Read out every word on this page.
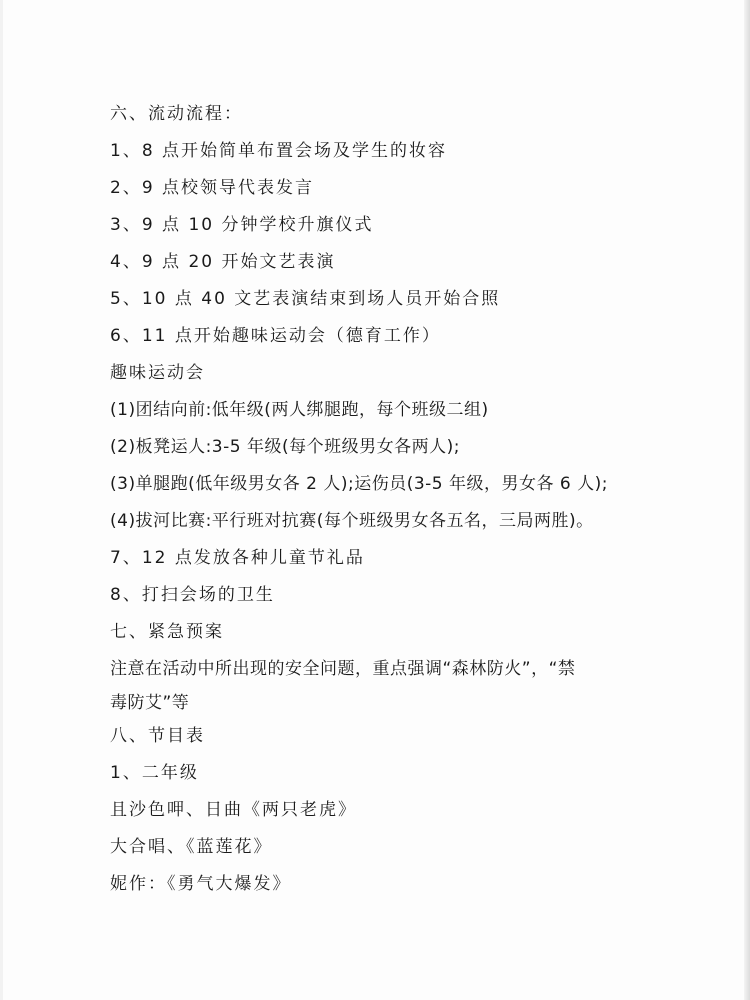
六、流动流程：
1、8 点开始简单布置会场及学生的妆容
2、9 点校领导代表发言
3、9 点 10 分钟学校升旗仪式
4、9 点 20 开始文艺表演
5、10 点 40 文艺表演结束到场人员开始合照
6、11 点开始趣味运动会（德育工作）
趣味运动会
(1)团结向前:低年级(两人绑腿跑，每个班级二组)
(2)板凳运人:3-5 年级(每个班级男女各两人);
(3)单腿跑(低年级男女各 2 人);运伤员(3-5 年级，男女各 6 人);
(4)拔河比赛:平行班对抗赛(每个班级男女各五名，三局两胜)。
7、12 点发放各种儿童节礼品
8、打扫会场的卫生
七、紧急预案
注意在活动中所出现的安全问题，重点强调“森林防火”，“禁
毒防艾”等
八、节目表
1、二年级
且沙色呷、日曲《两只老虎》
大合唱、《蓝莲花》
妮作：《勇气大爆发》
